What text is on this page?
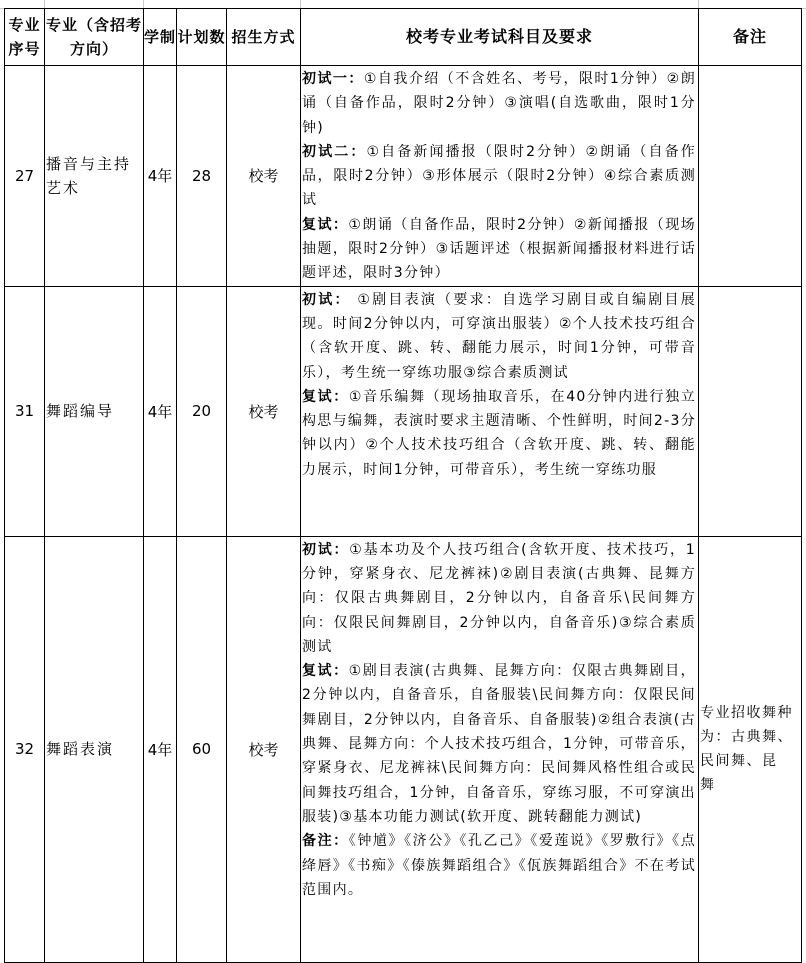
专业序号	专业（含招考方向）	学制	计划数	招生方式	校考专业考试科目及要求	备注
27	播音与主持艺术	4年	28	校考	初试一：①自我介绍（不含姓名、考号，限时1分钟）②朗诵（自备作品，限时2分钟）③演唱(自选歌曲，限时1分钟)
初试二：①自备新闻播报（限时2分钟）②朗诵（自备作品，限时2分钟）③形体展示（限时2分钟）④综合素质测试
复试：①朗诵（自备作品，限时2分钟）②新闻播报（现场抽题，限时2分钟）③话题评述（根据新闻播报材料进行话题评述，限时3分钟）	

31	舞蹈编导	4年	20	校考	初试： ①剧目表演（要求：自选学习剧目或自编剧目展现。时间2分钟以内，可穿演出服装）②个人技术技巧组合（含软开度、跳、转、翻能力展示，时间1分钟，可带音乐），考生统一穿练功服③综合素质测试
复试：①音乐编舞（现场抽取音乐，在40分钟内进行独立构思与编舞，表演时要求主题清晰、个性鲜明，时间2-3分钟以内）②个人技术技巧组合（含软开度、跳、转、翻能力展示，时间1分钟，可带音乐），考生统一穿练功服	

32	舞蹈表演	4年	60	校考	初试：①基本功及个人技巧组合(含软开度、技术技巧，1分钟，穿紧身衣、尼龙裤袜)②剧目表演(古典舞、昆舞方向：仅限古典舞剧目，2分钟以内，自备音乐\民间舞方向：仅限民间舞剧目，2分钟以内，自备音乐)③综合素质测试
复试：①剧目表演(古典舞、昆舞方向：仅限古典舞剧目，2分钟以内，自备音乐，自备服装\民间舞方向：仅限民间舞剧目，2分钟以内，自备音乐、自备服装)②组合表演(古典舞、昆舞方向：个人技术技巧组合，1分钟，可带音乐，穿紧身衣、尼龙裤袜\民间舞方向：民间舞风格性组合或民间舞技巧组合，1分钟，自备音乐，穿练习服，不可穿演出服装)③基本功能力测试(软开度、跳转翻能力测试)
备注：《钟馗》《济公》《孔乙己》《爱莲说》《罗敷行》《点绛唇》《书痴》《傣族舞蹈组合》《佤族舞蹈组合》不在考试范围内。	专业招收舞种为：古典舞、民间舞、昆　舞
